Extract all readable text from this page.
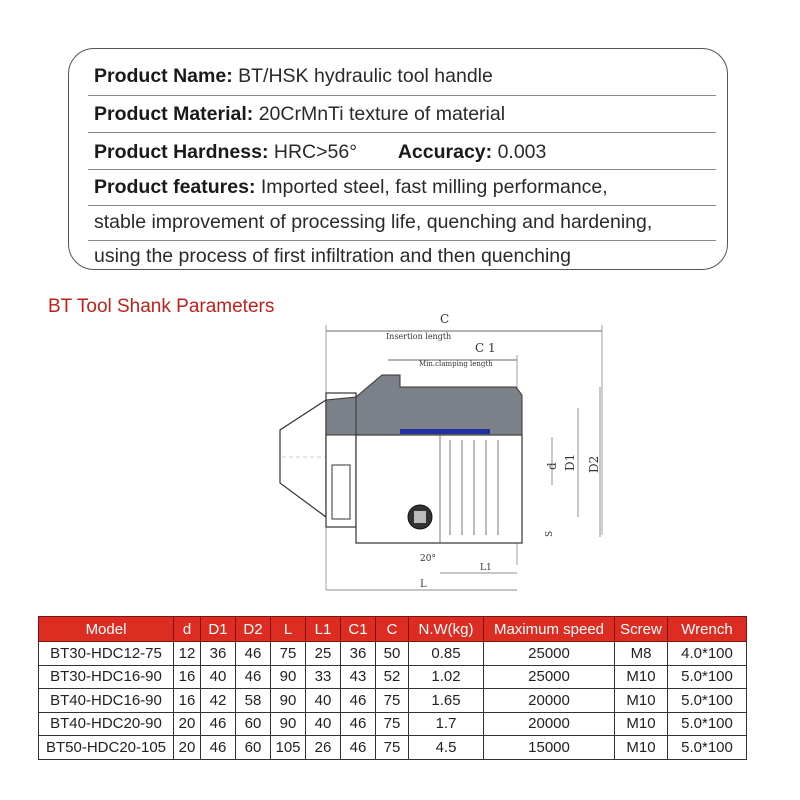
Product Name: BT/HSK hydraulic tool handle
Product Material: 20CrMnTi texture of material
Product Hardness: HRC>56° Accuracy: 0.003
Product features: Imported steel, fast milling performance,
stable improvement of processing life, quenching and hardening,
using the process of first infiltration and then quenching
BT Tool Shank Parameters
C
Insertion length
C 1
Min.clamping length
d D1 D2
S
20°
L1
L
Model	d	D1	D2	L	L1	C1	C	N.W(kg)	Maximum speed	Screw	Wrench
BT30-HDC12-75	12	36	46	75	25	36	50	0.85	25000	M8	4.0*100
BT30-HDC16-90	16	40	46	90	33	43	52	1.02	25000	M10	5.0*100
BT40-HDC16-90	16	42	58	90	40	46	75	1.65	20000	M10	5.0*100
BT40-HDC20-90	20	46	60	90	40	46	75	1.7	20000	M10	5.0*100
BT50-HDC20-105	20	46	60	105	26	46	75	4.5	15000	M10	5.0*100
